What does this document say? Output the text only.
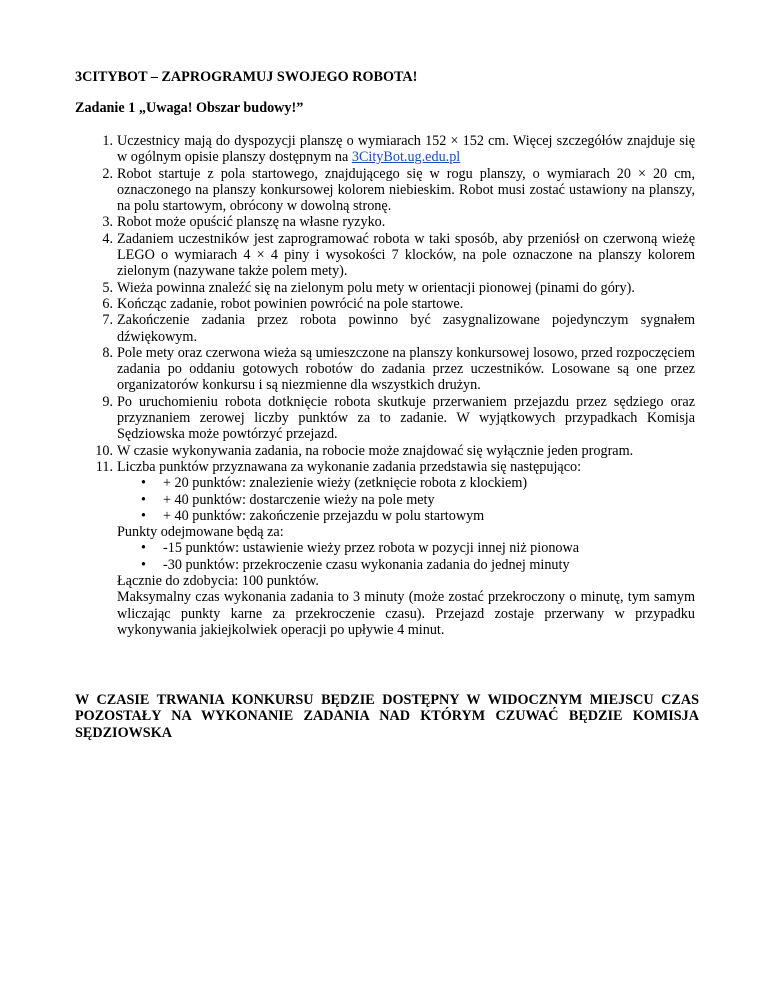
3CITYBOT – ZAPROGRAMUJ SWOJEGO ROBOTA!
Zadanie 1 „Uwaga! Obszar budowy!”
1. Uczestnicy mają do dyspozycji planszę o wymiarach 152 × 152 cm. Więcej szczegółów znajduje się w ogólnym opisie planszy dostępnym na 3CityBot.ug.edu.pl
2. Robot startuje z pola startowego, znajdującego się w rogu planszy, o wymiarach 20 × 20 cm, oznaczonego na planszy konkursowej kolorem niebieskim. Robot musi zostać ustawiony na planszy, na polu startowym, obrócony w dowolną stronę.
3. Robot może opuścić planszę na własne ryzyko.
4. Zadaniem uczestników jest zaprogramować robota w taki sposób, aby przeniósł on czerwoną wieżę LEGO o wymiarach 4 × 4 piny i wysokości 7 klocków, na pole oznaczone na planszy kolorem zielonym (nazywane także polem mety).
5. Wieża powinna znaleźć się na zielonym polu mety w orientacji pionowej (pinami do góry).
6. Kończąc zadanie, robot powinien powrócić na pole startowe.
7. Zakończenie zadania przez robota powinno być zasygnalizowane pojedynczym sygnałem dźwiękowym.
8. Pole mety oraz czerwona wieża są umieszczone na planszy konkursowej losowo, przed rozpoczęciem zadania po oddaniu gotowych robotów do zadania przez uczestników. Losowane są one przez organizatorów konkursu i są niezmienne dla wszystkich drużyn.
9. Po uruchomieniu robota dotknięcie robota skutkuje przerwaniem przejazdu przez sędziego oraz przyznaniem zerowej liczby punktów za to zadanie. W wyjątkowych przypadkach Komisja Sędziowska może powtórzyć przejazd.
10. W czasie wykonywania zadania, na robocie może znajdować się wyłącznie jeden program.
11. Liczba punktów przyznawana za wykonanie zadania przedstawia się następująco:
• + 20 punktów: znalezienie wieży (zetknięcie robota z klockiem)
• + 40 punktów: dostarczenie wieży na pole mety
• + 40 punktów: zakończenie przejazdu w polu startowym
Punkty odejmowane będą za:
• -15 punktów: ustawienie wieży przez robota w pozycji innej niż pionowa
• -30 punktów: przekroczenie czasu wykonania zadania do jednej minuty
Łącznie do zdobycia: 100 punktów.
Maksymalny czas wykonania zadania to 3 minuty (może zostać przekroczony o minutę, tym samym wliczając punkty karne za przekroczenie czasu). Przejazd zostaje przerwany w przypadku wykonywania jakiejkolwiek operacji po upływie 4 minut.
W CZASIE TRWANIA KONKURSU BĘDZIE DOSTĘPNY W WIDOCZNYM MIEJSCU CZAS POZOSTAŁY NA WYKONANIE ZADANIA NAD KTÓRYM CZUWAĆ BĘDZIE KOMISJA SĘDZIOWSKA
